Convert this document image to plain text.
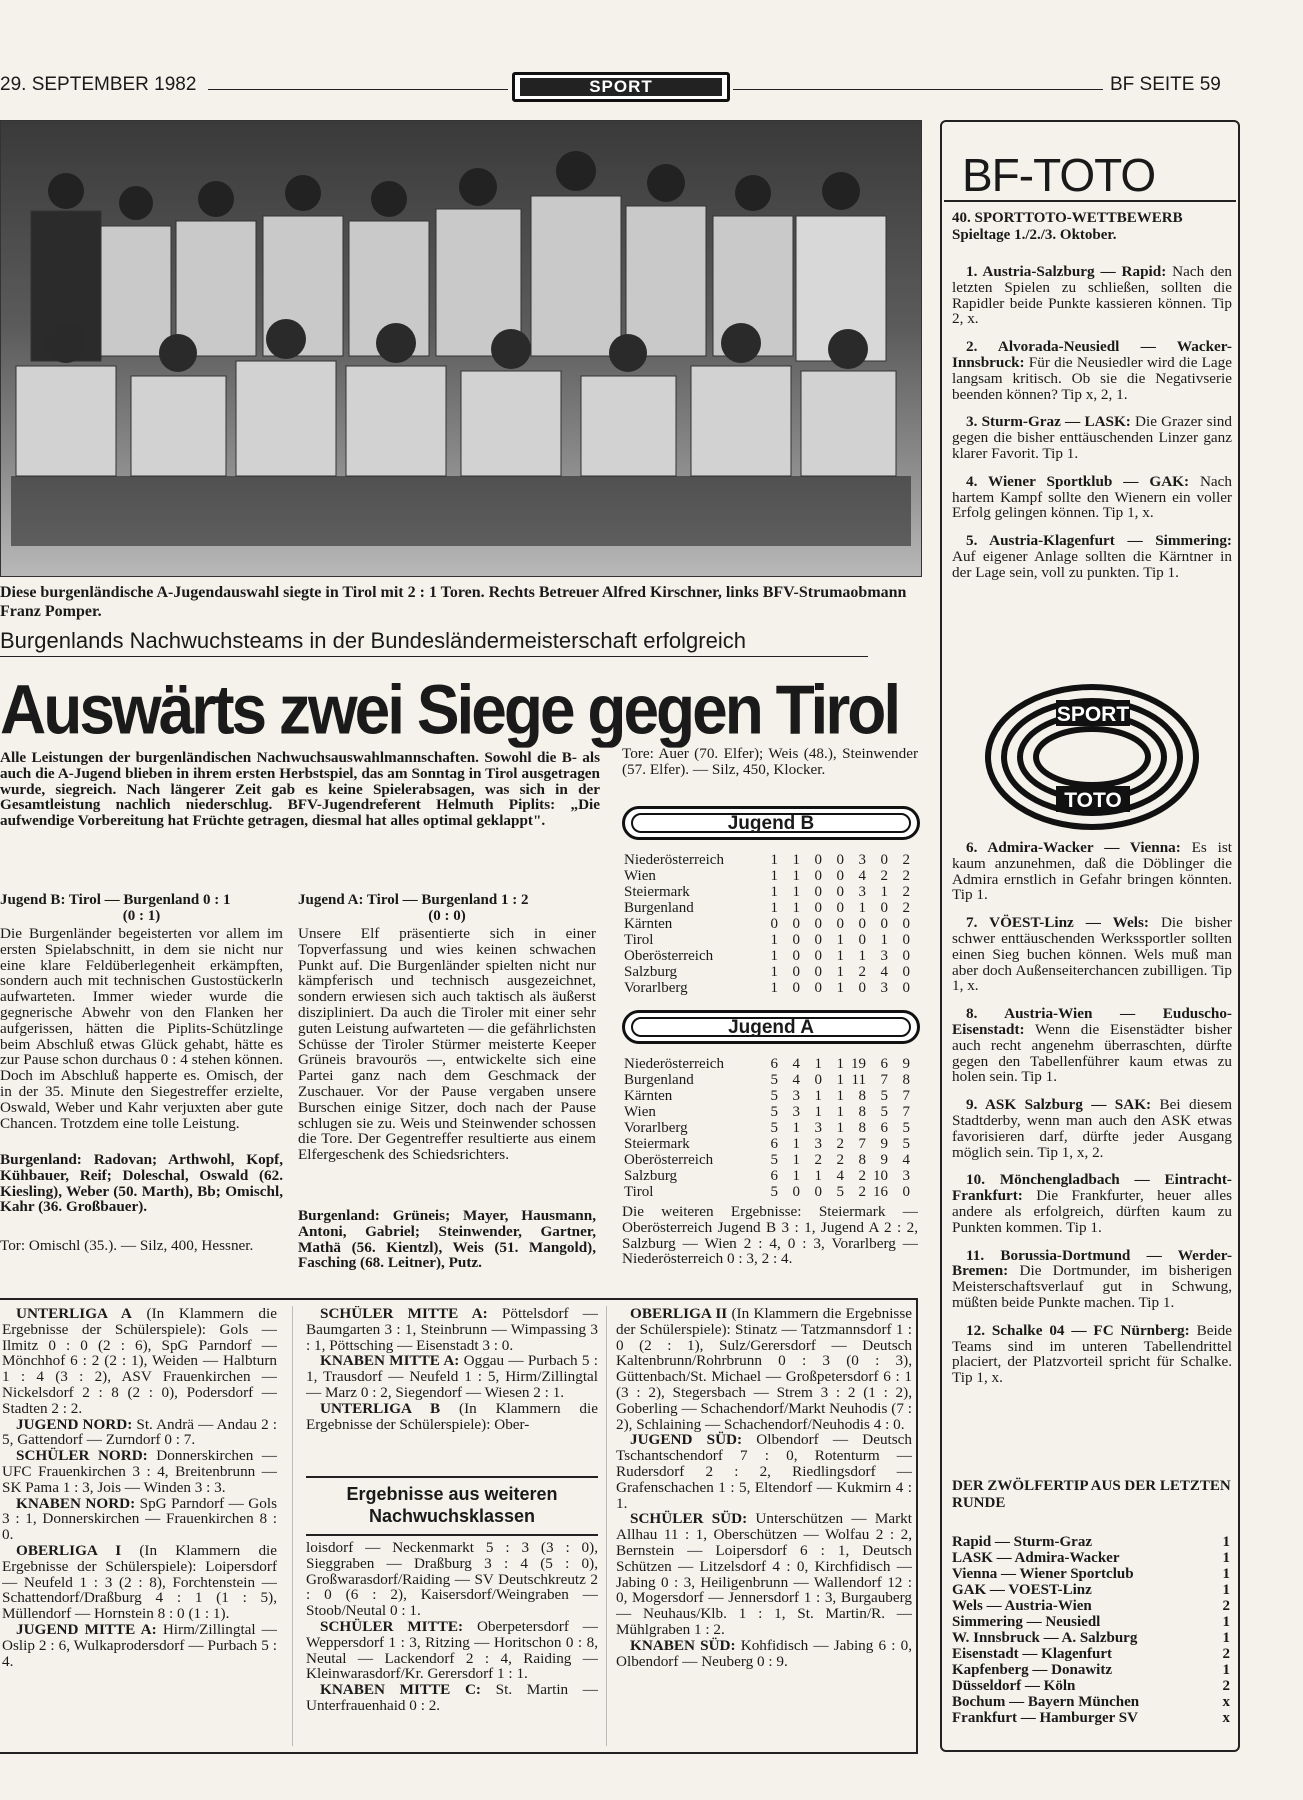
29. SEPTEMBER 1982	SPORT	BF SEITE 59
Diese burgenländische A-Jugendauswahl siegte in Tirol mit 2 : 1 Toren. Rechts Betreuer Alfred Kirschner, links BFV-Strumaobmann Franz Pomper.
Burgenlands Nachwuchsteams in der Bundesländermeisterschaft erfolgreich
Auswärts zwei Siege gegen Tirol
Alle Leistungen der burgenländischen Nachwuchsauswahlmannschaften. Sowohl die B- als auch die A-Jugend blieben in ihrem ersten Herbstspiel, das am Sonntag in Tirol ausgetragen wurde, siegreich. Nach längerer Zeit gab es keine Spielerabsagen, was sich in der Gesamtleistung nachlich niederschlug. BFV-Jugendreferent Helmuth Piplits: „Die aufwendige Vorbereitung hat Früchte getragen, diesmal hat alles optimal geklappt".
Jugend B: Tirol — Burgenland 0 : 1
(0 : 1)
Die Burgenländer begeisterten vor allem im ersten Spielabschnitt, in dem sie nicht nur eine klare Feldüberlegenheit erkämpften, sondern auch mit technischen Gustostückerln aufwarteten. Immer wieder wurde die gegnerische Abwehr von den Flanken her aufgerissen, hätten die Piplits-Schützlinge beim Abschluß etwas Glück gehabt, hätte es zur Pause schon durchaus 0 : 4 stehen können. Doch im Abschluß happerte es. Omisch, der in der 35. Minute den Siegestreffer erzielte, Oswald, Weber und Kahr verjuxten aber gute Chancen. Trotzdem eine tolle Leistung.
Burgenland: Radovan; Arthwohl, Kopf, Kühbauer, Reif; Doleschal, Oswald (62. Kiesling), Weber (50. Marth), Bb; Omischl, Kahr (36. Großbauer).
Tor: Omischl (35.). — Silz, 400, Hessner.
Jugend A: Tirol — Burgenland 1 : 2
(0 : 0)
Unsere Elf präsentierte sich in einer Topverfassung und wies keinen schwachen Punkt auf. Die Burgenländer spielten nicht nur kämpferisch und technisch ausgezeichnet, sondern erwiesen sich auch taktisch als äußerst diszipliniert. Da auch die Tiroler mit einer sehr guten Leistung aufwarteten — die gefährlichsten Schüsse der Tiroler Stürmer meisterte Keeper Grüneis bravourös —, entwickelte sich eine Partei ganz nach dem Geschmack der Zuschauer. Vor der Pause vergaben unsere Burschen einige Sitzer, doch nach der Pause schlugen sie zu. Weis und Steinwender schossen die Tore. Der Gegentreffer resultierte aus einem Elfergeschenk des Schiedsrichters.
Burgenland: Grüneis; Mayer, Hausmann, Antoni, Gabriel; Steinwender, Gartner, Mathä (56. Kientzl), Weis (51. Mangold), Fasching (68. Leitner), Putz.
Tore: Auer (70. Elfer); Weis (48.), Steinwender (57. Elfer). — Silz, 450, Klocker.
Jugend B
Niederösterreich	1 1 0 0 3 0 2
Wien	1 1 0 0 4 2 2
Steiermark	1 1 0 0 3 1 2
Burgenland	1 1 0 0 1 0 2
Kärnten	0 0 0 0 0 0 0
Tirol	1 0 0 1 0 1 0
Oberösterreich	1 0 0 1 1 3 0
Salzburg	1 0 0 1 2 4 0
Vorarlberg	1 0 0 1 0 3 0
Jugend A
Niederösterreich	6 4 1 1 19 6 9
Burgenland	5 4 0 1 11 7 8
Kärnten	5 3 1 1 8 5 7
Wien	5 3 1 1 8 5 7
Vorarlberg	5 1 3 1 8 6 5
Steiermark	6 1 3 2 7 9 5
Oberösterreich	5 1 2 2 8 9 4
Salzburg	6 1 1 4 2 10 3
Tirol	5 0 0 5 2 16 0
Die weiteren Ergebnisse: Steiermark — Oberösterreich Jugend B 3 : 1, Jugend A 2 : 2, Salzburg — Wien 2 : 4, 0 : 3, Vorarlberg — Niederösterreich 0 : 3, 2 : 4.

UNTERLIGA A (In Klammern die Ergebnisse der Schülerspiele): Gols — Ilmitz 0 : 0 (2 : 6), SpG Parndorf — Mönchhof 6 : 2 (2 : 1), Weiden — Halbturn 1 : 4 (3 : 2), ASV Frauenkirchen — Nickelsdorf 2 : 8 (2 : 0), Podersdorf — Stadten 2 : 2.

JUGEND NORD: St. Andrä — Andau 2 : 5, Gattendorf — Zurndorf 0 : 7.

SCHÜLER NORD: Donnerskirchen — UFC Frauenkirchen 3 : 4, Breitenbrunn — SK Pama 1 : 3, Jois — Winden 3 : 3.

KNABEN NORD: SpG Parndorf — Gols 3 : 1, Donnerskirchen — Frauenkirchen 8 : 0.

OBERLIGA I (In Klammern die Ergebnisse der Schülerspiele): Loipersdorf — Neufeld 1 : 3 (2 : 8), Forchtenstein — Schattendorf/Draßburg 4 : 1 (1 : 5), Müllendorf — Hornstein 8 : 0 (1 : 1).

JUGEND MITTE A: Hirm/Zillingtal — Oslip 2 : 6, Wulkaprodersdorf — Purbach 5 : 4.

SCHÜLER MITTE A: Pöttelsdorf — Baumgarten 3 : 1, Steinbrunn — Wimpassing 3 : 1, Pöttsching — Eisenstadt 3 : 0.

KNABEN MITTE A: Oggau — Purbach 5 : 1, Trausdorf — Neufeld 1 : 5, Hirm/Zillingtal — Marz 0 : 2, Siegendorf — Wiesen 2 : 1.

UNTERLIGA B (In Klammern die Ergebnisse der Schülerspiele): Ober-

Ergebnisse aus weiteren
Nachwuchsklassen

loisdorf — Neckenmarkt 5 : 3 (3 : 0), Sieggraben — Draßburg 3 : 4 (5 : 0), Großwarasdorf/Raiding — SV Deutschkreutz 2 : 0 (6 : 2), Kaisersdorf/Weingraben — Stoob/Neutal 0 : 1.

SCHÜLER MITTE: Oberpetersdorf — Weppersdorf 1 : 3, Ritzing — Horitschon 0 : 8, Neutal — Lackendorf 2 : 4, Raiding — Kleinwarasdorf/Kr. Gerersdorf 1 : 1.

KNABEN MITTE C: St. Martin — Unterfrauenhaid 0 : 2.

OBERLIGA II (In Klammern die Ergebnisse der Schülerspiele): Stinatz — Tatzmannsdorf 1 : 0 (2 : 1), Sulz/Gerersdorf — Deutsch Kaltenbrunn/Rohrbrunn 0 : 3 (0 : 3), Güttenbach/St. Michael — Großpetersdorf 6 : 1 (3 : 2), Stegersbach — Strem 3 : 2 (1 : 2), Goberling — Schachendorf/Markt Neuhodis (7 : 2), Schlaining — Schachendorf/Neuhodis 4 : 0.

JUGEND SÜD: Olbendorf — Deutsch Tschantschendorf 7 : 0, Rotenturm — Rudersdorf 2 : 2, Riedlingsdorf — Grafenschachen 1 : 5, Eltendorf — Kukmirn 4 : 1.

SCHÜLER SÜD: Unterschützen — Markt Allhau 11 : 1, Oberschützen — Wolfau 2 : 2, Bernstein — Loipersdorf 6 : 1, Deutsch Schützen — Litzelsdorf 4 : 0, Kirchfidisch — Jabing 0 : 3, Heiligenbrunn — Wallendorf 12 : 0, Mogersdorf — Jennersdorf 1 : 3, Burgauberg — Neuhaus/Klb. 1 : 1, St. Martin/R. — Mühlgraben 1 : 2.

KNABEN SÜD: Kohfidisch — Jabing 6 : 0, Olbendorf — Neuberg 0 : 9.

BF-TOTO
40. SPORTTOTO-WETTBEWERB
Spieltage 1./2./3. Oktober.

1. Austria-Salzburg — Rapid: Nach den letzten Spielen zu schließen, sollten die Rapidler beide Punkte kassieren können. Tip 2, x.

2. Alvorada-Neusiedl — Wacker-Innsbruck: Für die Neusiedler wird die Lage langsam kritisch. Ob sie die Negativserie beenden können? Tip x, 2, 1.

3. Sturm-Graz — LASK: Die Grazer sind gegen die bisher enttäuschenden Linzer ganz klarer Favorit. Tip 1.

4. Wiener Sportklub — GAK: Nach hartem Kampf sollte den Wienern ein voller Erfolg gelingen können. Tip 1, x.

5. Austria-Klagenfurt — Simmering: Auf eigener Anlage sollten die Kärntner in der Lage sein, voll zu punkten. Tip 1.

SPORT
TOTO

6. Admira-Wacker — Vienna: Es ist kaum anzunehmen, daß die Döblinger die Admira ernstlich in Gefahr bringen könnten. Tip 1.

7. VÖEST-Linz — Wels: Die bisher schwer enttäuschenden Werkssportler sollten einen Sieg buchen können. Wels muß man aber doch Außenseiterchancen zubilligen. Tip 1, x.

8. Austria-Wien — Euduscho-Eisenstadt: Wenn die Eisenstädter bisher auch recht angenehm überraschten, dürfte gegen den Tabellenführer kaum etwas zu holen sein. Tip 1.

9. ASK Salzburg — SAK: Bei diesem Stadtderby, wenn man auch den ASK etwas favorisieren darf, dürfte jeder Ausgang möglich sein. Tip 1, x, 2.

10. Mönchengladbach — Eintracht-Frankfurt: Die Frankfurter, heuer alles andere als erfolgreich, dürften kaum zu Punkten kommen. Tip 1.

11. Borussia-Dortmund — Werder-Bremen: Die Dortmunder, im bisherigen Meisterschaftsverlauf gut in Schwung, müßten beide Punkte machen. Tip 1.

12. Schalke 04 — FC Nürnberg: Beide Teams sind im unteren Tabellendrittel placiert, der Platzvorteil spricht für Schalke. Tip 1, x.

DER ZWÖLFERTIP AUS DER LETZTEN RUNDE
Rapid — Sturm-Graz	1
LASK — Admira-Wacker	1
Vienna — Wiener Sportclub	1
GAK — VOEST-Linz	1
Wels — Austria-Wien	2
Simmering — Neusiedl	1
W. Innsbruck — A. Salzburg	1
Eisenstadt — Klagenfurt	2
Kapfenberg — Donawitz	1
Düsseldorf — Köln	2
Bochum — Bayern München	x
Frankfurt — Hamburger SV	x
